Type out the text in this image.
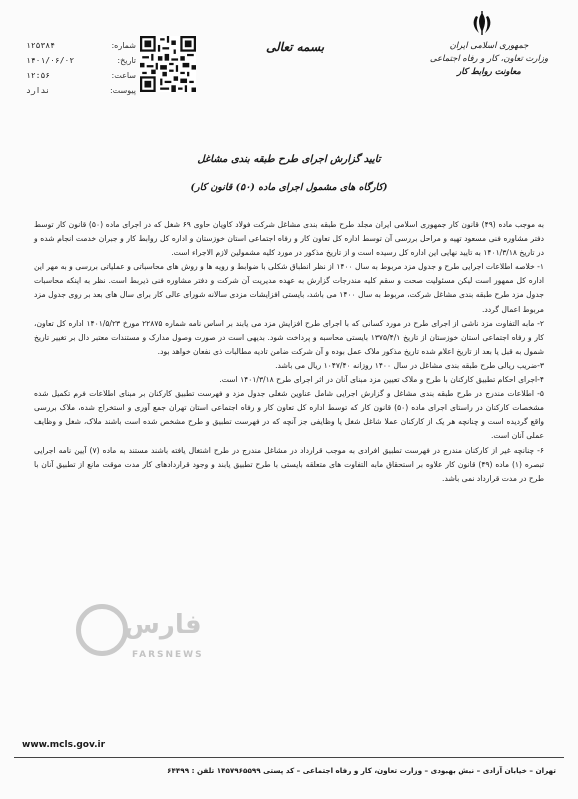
شماره:
۱۲۵۳۸۴
تاریخ:
۱۴۰۱/۰۶/۰۲
ساعت:
۱۲:۵۶
پیوست:
ندارد
بسمه تعالی	جمهوری اسلامی ایران
وزارت تعاون، کار و رفاه اجتماعی
معاونت روابط کار
تایید گزارش اجرای طرح طبقه بندی مشاغل
(کارگاه های مشمول اجرای ماده (۵۰) قانون کار)

به موجب ماده (۴۹) قانون کار جمهوری اسلامی ایران مجلد طرح طبقه بندی مشاغل شرکت فولاد کاویان حاوی ۶۹ شغل که در اجرای ماده (۵۰) قانون کار توسط دفتر مشاوره فنی مسعود تهیه و مراحل بررسی آن توسط اداره کل تعاون کار و رفاه اجتماعی استان خوزستان و اداره کل روابط کار و جبران خدمت انجام شده و در تاریخ ۱۴۰۱/۳/۱۸ به تایید نهایی این اداره کل رسیده است و از تاریخ مذکور در مورد کلیه مشمولین لازم الاجراء است.

۱- خلاصه اطلاعات اجرایی طرح و جدول مزد مربوط به سال ۱۴۰۰ از نظر انطباق شکلی با ضوابط و رویه ها و روش های محاسباتی و عملیاتی بررسی و به مهر این اداره کل ممهور است لیکن مسئولیت صحت و سقم کلیه مندرجات گزارش به عهده مدیریت آن شرکت و دفتر مشاوره فنی ذیربط است. نظر به اینکه محاسبات جدول مزد طرح طبقه بندی مشاغل شرکت، مربوط به سال ۱۴۰۰ می باشد، بایستی افزایشات مزدی سالانه شورای عالی کار برای سال های بعد بر روی جدول مزد مربوط اعمال گردد.

۲- مابه التفاوت مزد ناشی از اجرای طرح در مورد کسانی که با اجرای طرح افزایش مزد می یابند بر اساس نامه شماره ۲۲۸۷۵ مورخ ۱۴۰۱/۵/۲۳ اداره کل تعاون، کار و رفاه اجتماعی استان خوزستان از تاریخ ۱۳۷۵/۴/۱ بایستی محاسبه و پرداخت شود. بدیهی است در صورت وصول مدارک و مستندات معتبر دال بر تغییر تاریخ شمول به قبل یا بعد از تاریخ اعلام شده تاریخ مذکور ملاک عمل بوده و آن شرکت ضامن تادیه مطالبات ذی نفعان خواهد بود.

۳-ضریب ریالی طرح طبقه بندی مشاغل در سال ۱۴۰۰ روزانه ۱۰۴۷/۴۰ ریال می باشد.

۴-اجرای احکام تطبیق کارکنان با طرح و ملاک تعیین مزد مبنای آنان در اثر اجرای طرح ۱۴۰۱/۳/۱۸ است.

۵- اطلاعات مندرج در طرح طبقه بندی مشاغل و گزارش اجرایی شامل عناوین شغلی جدول مزد و فهرست تطبیق کارکنان بر مبنای اطلاعات فرم تکمیل شده مشخصات کارکنان در راستای اجرای ماده (۵۰) قانون کار که توسط اداره کل تعاون کار و رفاه اجتماعی استان تهران جمع آوری و استخراج شده، ملاک بررسی واقع گردیده است و چنانچه هر یک از کارکنان عملا شاغل شغل یا وظایفی جز آنچه که در فهرست تطبیق و طرح مشخص شده است باشند ملاک، شغل و وظایف عملی آنان است.

۶- چنانچه غیر از کارکنان مندرج در فهرست تطبیق افرادی به موجب قرارداد در مشاغل مندرج در طرح اشتغال یافته باشند مستند به ماده (۷) آیین نامه اجرایی تبصره (۱) ماده (۴۹) قانون کار علاوه بر استحقاق مابه التفاوت های متعلقه بایستی با طرح تطبیق یابند و وجود قراردادهای کار مدت موقت مانع از تطبیق آنان با طرح در مدت قرارداد نمی باشد.

فارس
FARSNEWS
www.mcls.gov.ir
تهران – خیابان آزادی – نبش بهبودی – وزارت تعاون، کار و رفاه اجتماعی – کد پستی ۱۴۵۷۹۶۵۵۹۹ تلفن : ۶۴۴۹۹
